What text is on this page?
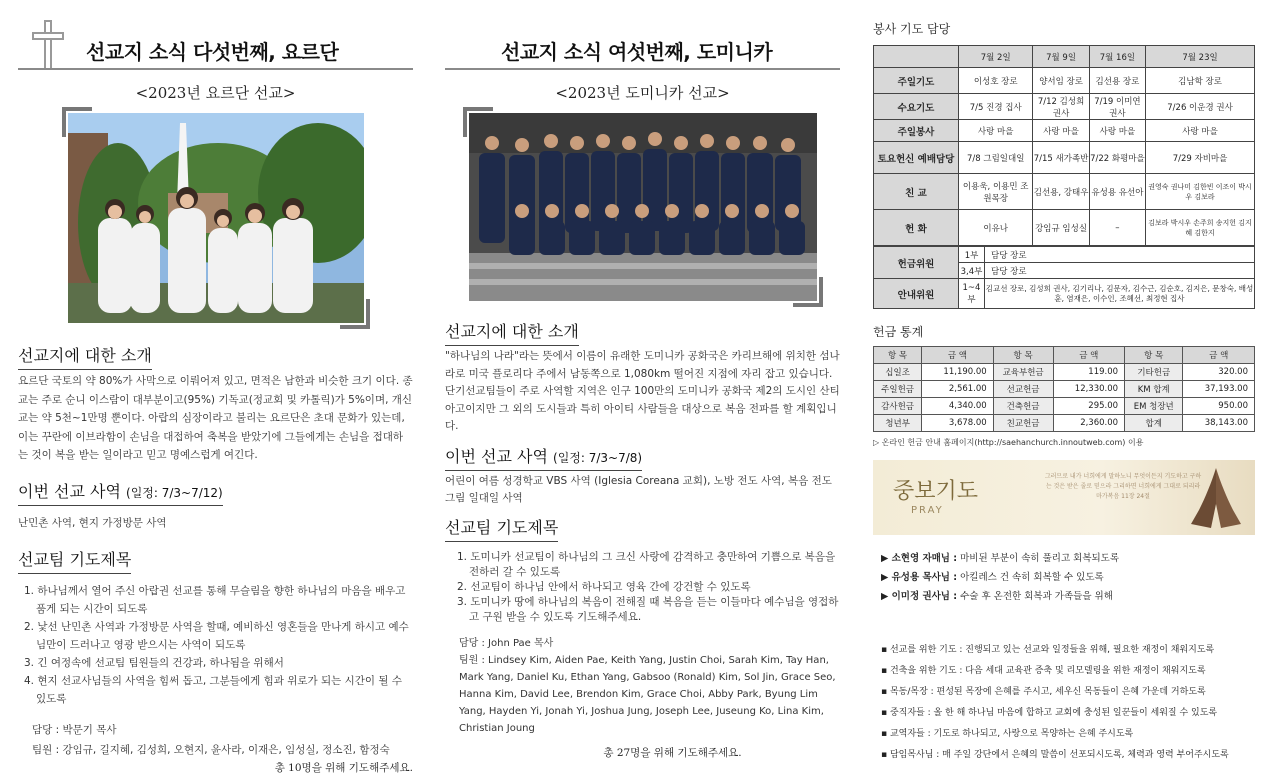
선교지 소식 다섯번째, 요르단
<2023년 요르단 선교>
선교지에 대한 소개
요르단 국토의 약 80%가 사막으로 이뤄어져 있고, 면적은 남한과 비슷한 크기 이다. 종교는 주로 순니 이스람이 대부분이고(95%) 기독교(정교회 및 카톨릭)가 5%이며, 개신교는 약 5천~1만명 뿐이다. 아랍의 심장이라고 불리는 요르단은 초대 문화가 있는데, 이는 꾸란에 이브라함이 손님을 대접하여 축복을 받았기에 그들에게는 손님을 접대하는 것이 복을 받는 일이라고 믿고 명예스럽게 여긴다.
이번 선교 사역 (일정: 7/3~7/12)
난민촌 사역, 현지 가정방문 사역
선교팀 기도제목
1. 하나님께서 열어 주신 아랍권 선교를 통해 무슬림을 향한 하나님의 마음을 배우고 품게 되는 시간이 되도록
2. 낯선 난민촌 사역과 가정방문 사역을 할때, 예비하신 영혼들을 만나게 하시고 예수님만이 드러나고 영광 받으시는 사역이 되도록
3. 긴 여정속에 선교팀 팀원들의 건강과, 하나됨을 위해서
4. 현지 선교사님들의 사역을 힘써 돕고, 그분들에게 힘과 위로가 되는 시간이 될 수 있도록
담당 : 박문기 목사
팀원 : 강임규, 길지혜, 김성희, 오현지, 윤사라, 이재은, 임성실, 정소진, 함정숙
총 10명을 위해 기도해주세요.
선교지 소식 여섯번째, 도미니카
<2023년 도미니카 선교>
선교지에 대한 소개
"하나님의 나라"라는 뜻에서 이름이 유래한 도미니카 공화국은 카리브해에 위치한 섬나라로 미국 플로리다 주에서 남동쪽으로 1,080km 떨어진 지점에 자리 잡고 있습니다. 단기선교팀들이 주로 사역할 지역은 인구 100만의 도미니카 공화국 제2의 도시인 산티아고이지만 그 외의 도시들과 특히 아이티 사람들을 대상으로 복음 전파를 할 계획입니다.
이번 선교 사역 (일정: 7/3~7/8)
어린이 여름 성경학교 VBS 사역 (Iglesia Coreana 교회), 노방 전도 사역, 복음 전도 그림 일대일 사역
선교팀 기도제목
1. 도미니카 선교팀이 하나님의 그 크신 사랑에 감격하고 충만하여 기쁨으로 복음을 전하러 갈 수 있도록
2. 선교팀이 하나님 안에서 하나되고 영육 간에 강건할 수 있도록
3. 도미니카 땅에 하나님의 복음이 전해질 때 복음을 듣는 이들마다 예수님을 영접하고 구원 받을 수 있도록 기도해주세요.
담당 : John Pae 목사
팀원 : Lindsey Kim, Aiden Pae, Keith Yang, Justin Choi, Sarah Kim, Tay Han, Mark Yang, Daniel Ku, Ethan Yang, Gabsoo (Ronald) Kim, Sol Jin, Grace Seo, Hanna Kim, David Lee, Brendon Kim, Grace Choi, Abby Park, Byung Lim Yang, Hayden Yi, Jonah Yi, Joshua Jung, Joseph Lee, Juseung Ko, Lina Kim, Christian Joung
총 27명을 위해 기도해주세요.
봉사 기도 담당
	7월 2일	7월 9일	7월 16일	7월 23일
주일기도	이성호 장로	양서임 장로	김선용 장로	김남학 장로
수요기도	7/5 진경 집사	7/12 김성희 권사	7/19 이미연 권사	7/26 이운경 권사
주일봉사	사랑 마을	사랑 마을	사랑 마을	사랑 마을
토요헌신 예배담당	7/8 그림일대일	7/15 새가족반	7/22 화평마을	7/29 자비마을
친 교	이용욱, 이용민 조원목장	김선용, 강태우	유성용 유선아	권영숙 권나미 김한빈 이조이 박시우 김보라
헌 화	이유나	강임규 임성실	–	김보라 박시우 손주희 송지헌 김지혜 김한지
헌금위원	1부	담당 장로
	3,4부	담당 장로
안내위원	1~4부	김교선 장로, 김성희 권사, 김기리나, 김문자, 김수근, 김순호, 김지은, 문창숙, 배성훈, 염재은, 이수인, 조혜선, 최정현 집사
헌금 통계
항 목	금 액	항 목	금 액	항 목	금 액
십일조	11,190.00	교육부헌금	119.00	기타헌금	320.00
주일헌금	2,561.00	선교헌금	12,330.00	KM 합계	37,193.00
감사헌금	4,340.00	건축헌금	295.00	EM 청장년	950.00
청년부	3,678.00	친교헌금	2,360.00	합계	38,143.00
▷ 온라인 헌금 안내 홈페이지(http://saehanchurch.innoutweb.com) 이용
중보기도
PRAY
그러므로 내가 너희에게 말하노니 무엇이든지 기도하고 구하는 것은 받은 줄로 믿으라 그리하면 너희에게 그대로 되리라 마가복음 11장 24절
▶ 소현영 자매님 : 마비된 부분이 속히 풀리고 회복되도록
▶ 유성용 목사님 : 아킬레스 건 속히 회복할 수 있도록
▶ 이미정 권사님 : 수술 후 온전한 회복과 가족들을 위해
▪ 선교를 위한 기도 : 진행되고 있는 선교와 일정들을 위해, 필요한 재정이 채워지도록
▪ 건축을 위한 기도 : 다음 세대 교육관 증축 및 리모델링을 위한 재정이 채워지도록
▪ 목동/목장 : 편성된 목장에 은혜를 주시고, 세우신 목동들이 은혜 가운데 거하도록
▪ 중직자들 : 올 한 해 하나님 마음에 합하고 교회에 충성된 일꾼들이 세워질 수 있도록
▪ 교역자들 : 기도로 하나되고, 사랑으로 목양하는 은혜 주시도록
▪ 담임목사님 : 매 주일 강단에서 은혜의 말씀이 선포되시도록, 체력과 영력 부어주시도록
